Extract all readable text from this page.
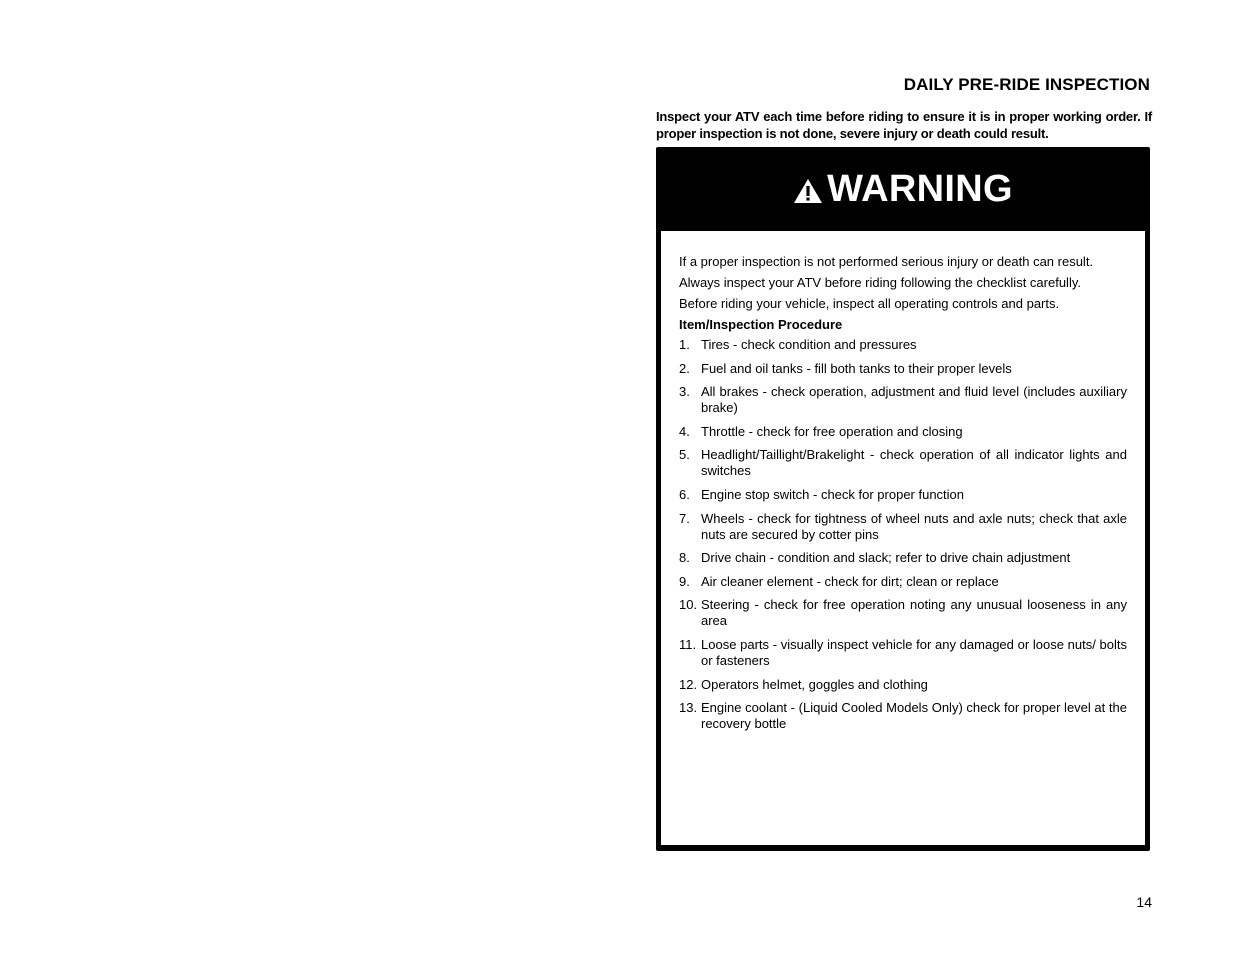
DAILY PRE-RIDE INSPECTION
Inspect your ATV each time before riding to ensure it is in proper working order. If proper inspection is not done, severe injury or death could result.
WARNING

If a proper inspection is not performed serious injury or death can result.

Always inspect your ATV before riding following the checklist carefully.

Before riding your vehicle, inspect all operating controls and parts.

Item/Inspection Procedure
1. Tires - check condition and pressures
2. Fuel and oil tanks - fill both tanks to their proper levels
3. All brakes - check operation, adjustment and fluid level (includes auxiliary brake)
4. Throttle - check for free operation and closing
5. Headlight/Taillight/Brakelight - check operation of all indicator lights and switches
6. Engine stop switch - check for proper function
7. Wheels - check for tightness of wheel nuts and axle nuts; check that axle nuts are secured by cotter pins
8. Drive chain - condition and slack; refer to drive chain adjustment
9. Air cleaner element - check for dirt; clean or replace
10. Steering - check for free operation noting any unusual looseness in any area
11. Loose parts - visually inspect vehicle for any damaged or loose nuts/ bolts or fasteners
12. Operators helmet, goggles and clothing
13. Engine coolant - (Liquid Cooled Models Only) check for proper level at the recovery bottle
14
